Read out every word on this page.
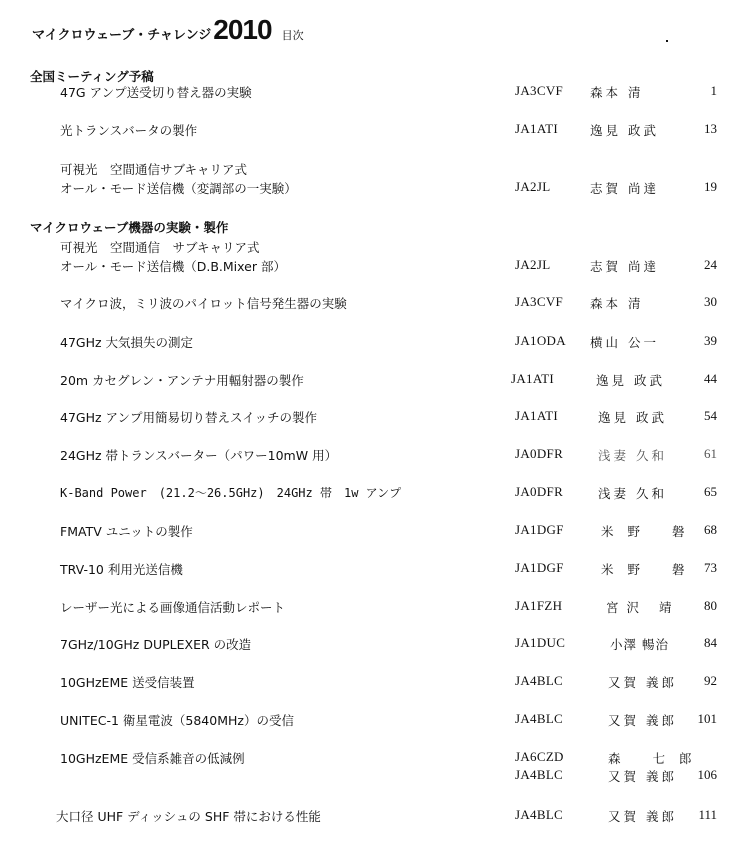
マイクロウェーブ・チャレンジ2010 目次
全国ミーティング予稿
47G アンプ送受切り替え器の実験	JA3CVF 森本 清	1
光トランスバータの製作	JA1ATI	逸見 政武	13
可視光　空間通信サブキャリア式
オール・モード送信機（変調部の一実験）	JA2JL	志賀 尚達	19
マイクロウェーブ機器の実験・製作
可視光　空間通信　サブキャリア式
オール・モード送信機（D.B.Mixer 部）	JA2JL	志賀 尚達	24
マイクロ波，ミリ波のパイロット信号発生器の実験	JA3CVF 森本 清	30
47GHz 大気損失の測定	JA1ODA 横山 公一	39
20m カセグレン・アンテナ用輻射器の製作	JA1ATI	逸見 政武	44
47GHz アンプ用簡易切り替えスイッチの製作	JA1ATI	逸見 政武	54
24GHz 帯トランスバーター（パワー10mW 用）	JA0DFR	浅妻 久和	61
K-Band Power　(21.2～26.5GHz)　24GHz 帯　1w アンプ	JA0DFR	浅妻 久和	65
FMATV ユニットの製作	JA1DGF	米野 磐 68
TRV-10 利用光送信機	JA1DGF	米野 磐 73
レーザー光による画像通信活動レポート	JA1FZH	宮沢 靖 80
7GHz/10GHz DUPLEXER の改造	JA1DUC	小澤 暢治	84
10GHzEME 送受信装置	JA4BLC	又賀 義郎 92
UNITEC-1 衛星電波（5840MHz）の受信	JA4BLC	又賀 義郎 101
10GHzEME 受信系雑音の低減例	JA6CZD	森 七郎
JA4BLC	又賀 義郎 106
大口径 UHF ディッシュの SHF 帯における性能	JA4BLC	又賀 義郎 111
